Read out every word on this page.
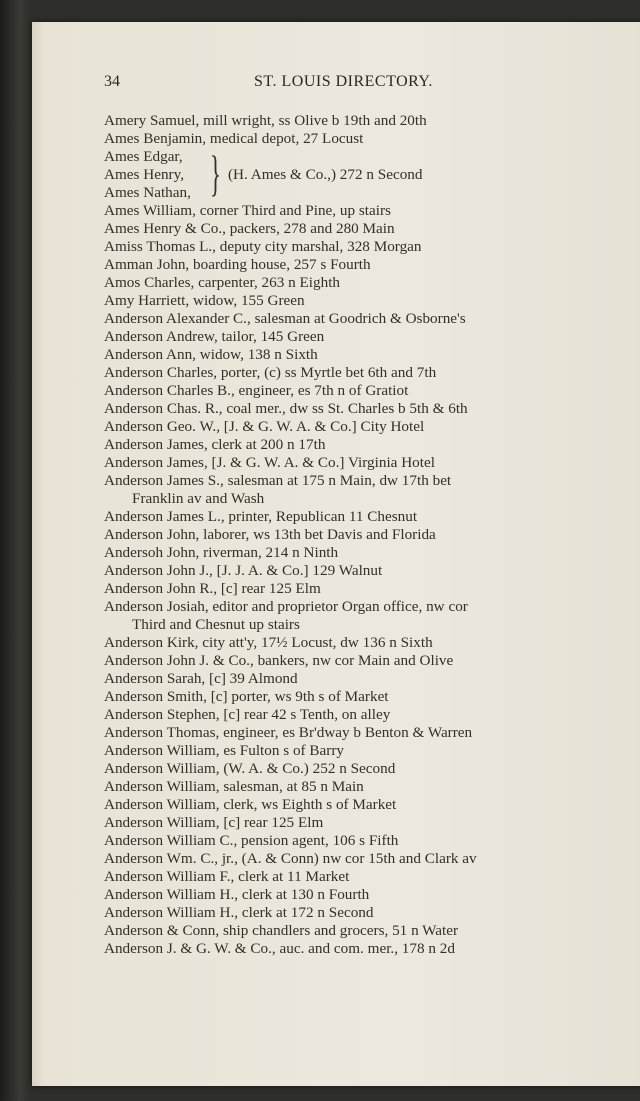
34	ST. LOUIS DIRECTORY.
Amery Samuel, mill wright, ss Olive b 19th and 20th
Ames Benjamin, medical depot, 27 Locust
Ames Edgar,
Ames Henry,
Ames Nathan, } (H. Ames & Co.,) 272 n Second
Ames William, corner Third and Pine, up stairs
Ames Henry & Co., packers, 278 and 280 Main
Amiss Thomas L., deputy city marshal, 328 Morgan
Amman John, boarding house, 257 s Fourth
Amos Charles, carpenter, 263 n Eighth
Amy Harriett, widow, 155 Green
Anderson Alexander C., salesman at Goodrich & Osborne's
Anderson Andrew, tailor, 145 Green
Anderson Ann, widow, 138 n Sixth
Anderson Charles, porter, (c) ss Myrtle bet 6th and 7th
Anderson Charles B., engineer, es 7th n of Gratiot
Anderson Chas. R., coal mer., dw ss St. Charles b 5th & 6th
Anderson Geo. W., [J. & G. W. A. & Co.] City Hotel
Anderson James, clerk at 200 n 17th
Anderson James, [J. & G. W. A. & Co.] Virginia Hotel
Anderson James S., salesman at 175 n Main, dw 17th bet
Franklin av and Wash
Anderson James L., printer, Republican 11 Chesnut
Anderson John, laborer, ws 13th bet Davis and Florida
Andersoh John, riverman, 214 n Ninth
Anderson John J., [J. J. A. & Co.] 129 Walnut
Anderson John R., [c] rear 125 Elm
Anderson Josiah, editor and proprietor Organ office, nw cor
Third and Chesnut up stairs
Anderson Kirk, city att'y, 17½ Locust, dw 136 n Sixth
Anderson John J. & Co., bankers, nw cor Main and Olive
Anderson Sarah, [c] 39 Almond
Anderson Smith, [c] porter, ws 9th s of Market
Anderson Stephen, [c] rear 42 s Tenth, on alley
Anderson Thomas, engineer, es Br'dway b Benton & Warren
Anderson William, es Fulton s of Barry
Anderson William, (W. A. & Co.) 252 n Second
Anderson William, salesman, at 85 n Main
Anderson William, clerk, ws Eighth s of Market
Anderson William, [c] rear 125 Elm
Anderson William C., pension agent, 106 s Fifth
Anderson Wm. C., jr., (A. & Conn) nw cor 15th and Clark av
Anderson William F., clerk at 11 Market
Anderson William H., clerk at 130 n Fourth
Anderson William H., clerk at 172 n Second
Anderson & Conn, ship chandlers and grocers, 51 n Water
Anderson J. & G. W. & Co., auc. and com. mer., 178 n 2d
